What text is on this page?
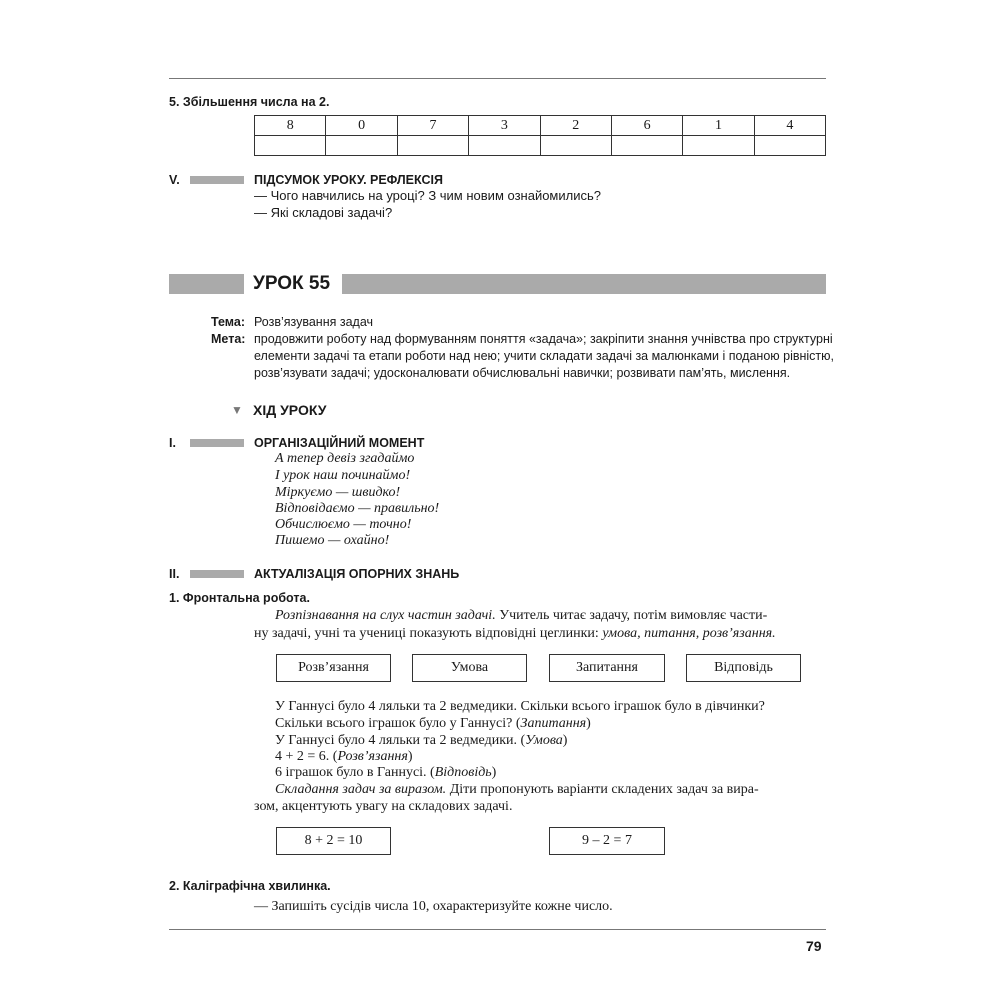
5. Збільшення числа на 2.
8	0	7	3	2	6	1	4

V.	ПІДСУМОК УРОКУ. РЕФЛЕКСІЯ
— Чого навчились на уроці? З чим новим ознайомились?
— Які складові задачі?
УРОК 55
Тема: Розв’язування задач
Мета: продовжити роботу над формуванням поняття «задача»; закріпити знання учнівства про структурні
елементи задачі та етапи роботи над нею; учити складати задачі за малюнками і поданою рівністю,
розв’язувати задачі; удосконалювати обчислювальні навички; розвивати пам’ять, мислення.
▼ ХІД УРОКУ
I.	ОРГАНІЗАЦІЙНИЙ МОМЕНТ
А тепер девіз згадаймо
І урок наш починаймо!
Міркуємо — швидко!
Відповідаємо — правильно!
Обчислюємо — точно!
Пишемо — охайно!
II.	АКТУАЛІЗАЦІЯ ОПОРНИХ ЗНАНЬ
1. Фронтальна робота.
Розпізнавання на слух частин задачі. Учитель читає задачу, потім вимовляє части-
ну задачі, учні та учениці показують відповідні цеглинки: умова, питання, розв’язання.
Розв’язання	Умова	Запитання	Відповідь
У Ганнусі було 4 ляльки та 2 ведмедики. Скільки всього іграшок було в дівчинки?
Скільки всього іграшок було у Ганнусі? (Запитання)
У Ганнусі було 4 ляльки та 2 ведмедики. (Умова)
4 + 2 = 6. (Розв’язання)
6 іграшок було в Ганнусі. (Відповідь)
Складання задач за виразом. Діти пропонують варіанти складених задач за вира-
зом, акцентують увагу на складових задачі.
8 + 2 = 10	9 – 2 = 7
2. Каліграфічна хвилинка.
— Запишіть сусідів числа 10, охарактеризуйте кожне число.
79
